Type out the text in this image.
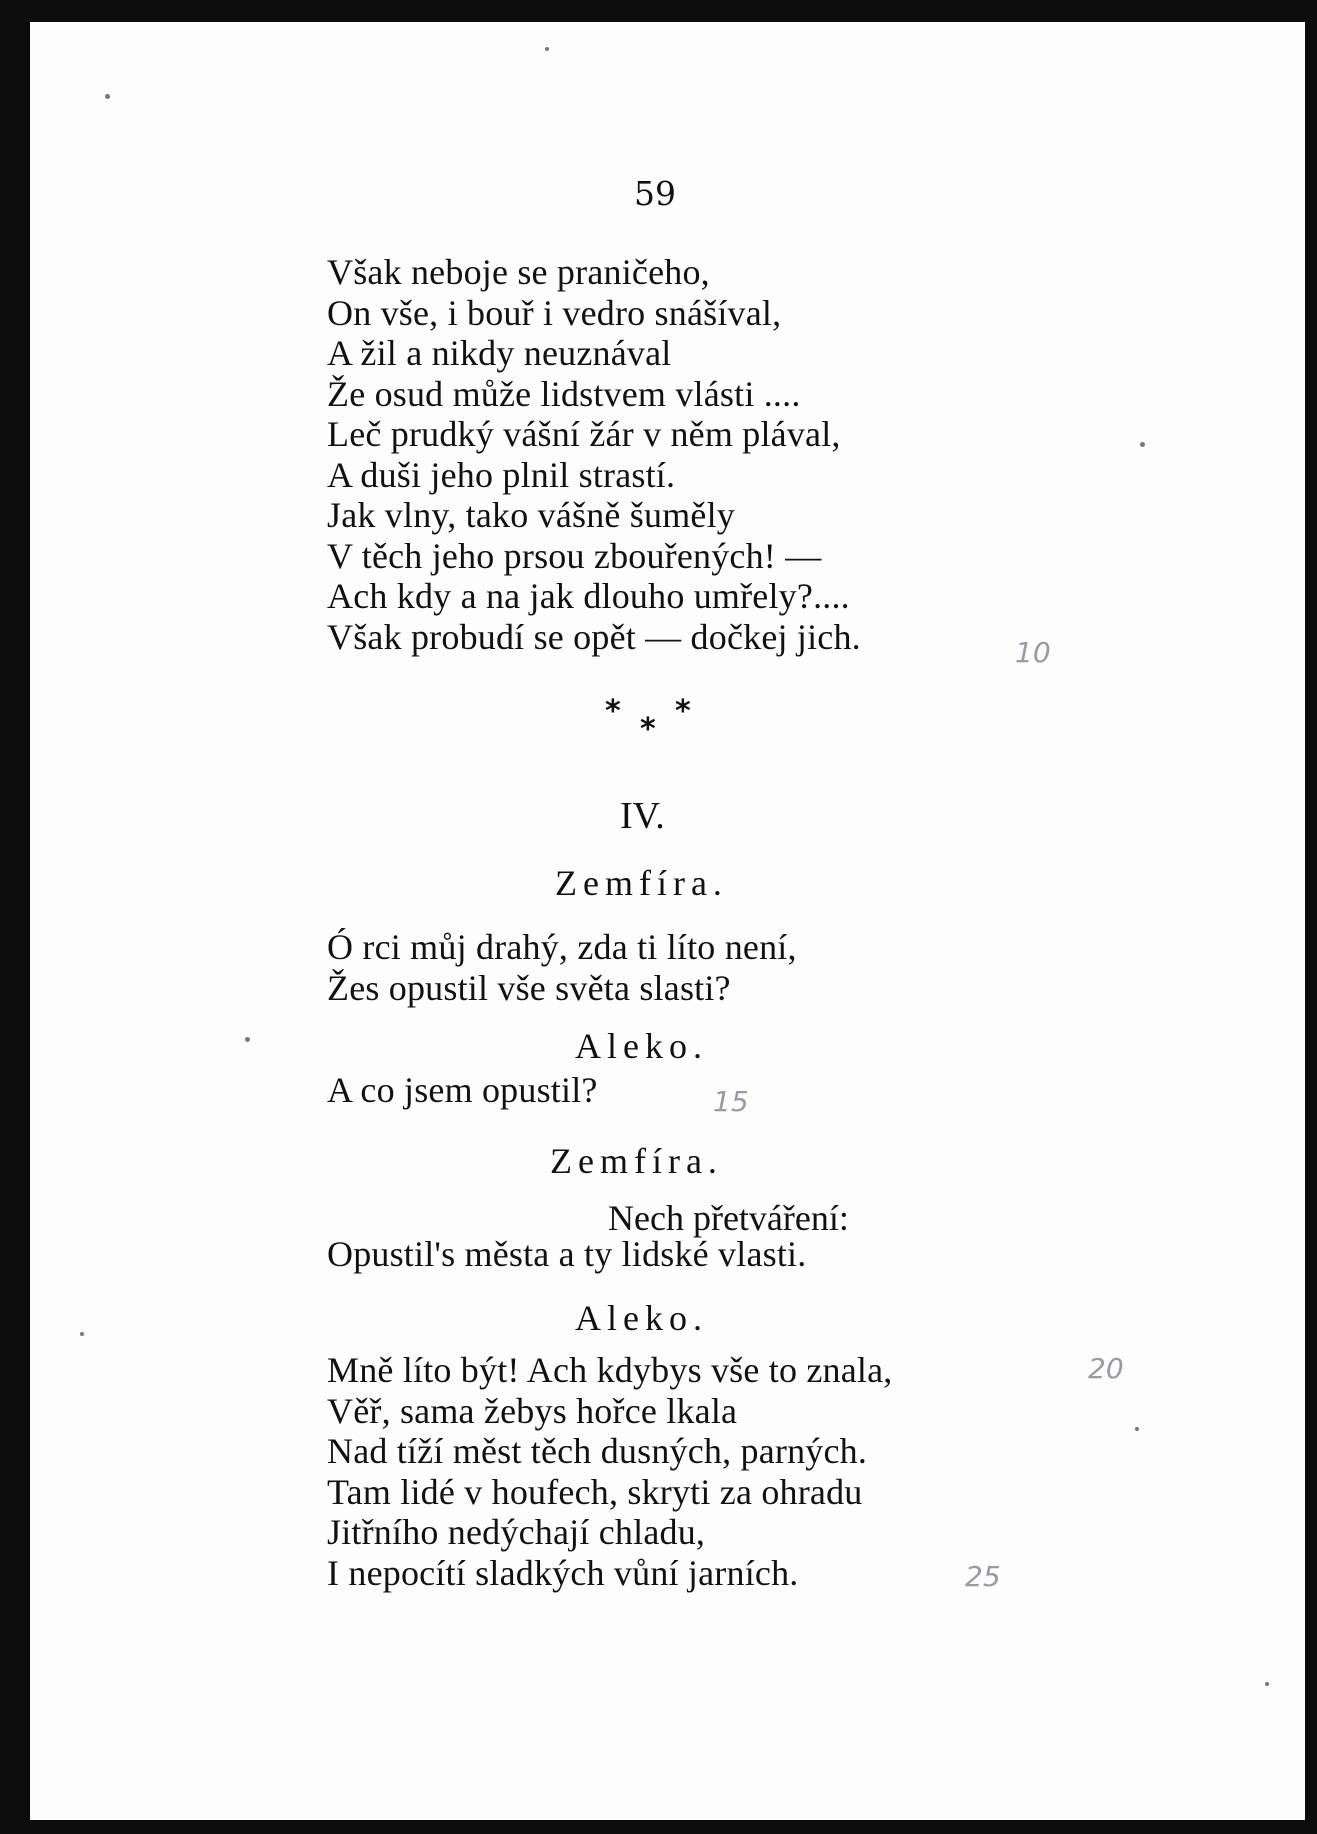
59
Však neboje se praničeho,
On vše, i bouř i vedro snášíval,
A žil a nikdy neuznával
Že osud může lidstvem vlásti ....
Leč prudký vášní žár v něm plával,
A duši jeho plnil strastí.
Jak vlny, tako vášně šuměly
V těch jeho prsou zbouřených! —
Ach kdy a na jak dlouho umřely?....
Však probudí se opět — dočkej jich.
*
*
*
IV.
Zemfíra.
Ó rci můj drahý, zda ti líto není,
Žes opustil vše světa slasti?
Aleko.
A co jsem opustil?
Zemfíra.
Nech přetváření:
Opustil's města a ty lidské vlasti.
Aleko.
Mně líto být! Ach kdybys vše to znala,
Věř, sama žebys hořce lkala
Nad tíží měst těch dusných, parných.
Tam lidé v houfech, skryti za ohradu
Jitřního nedýchají chladu,
I nepocítí sladkých vůní jarních.
10
15
20
25
